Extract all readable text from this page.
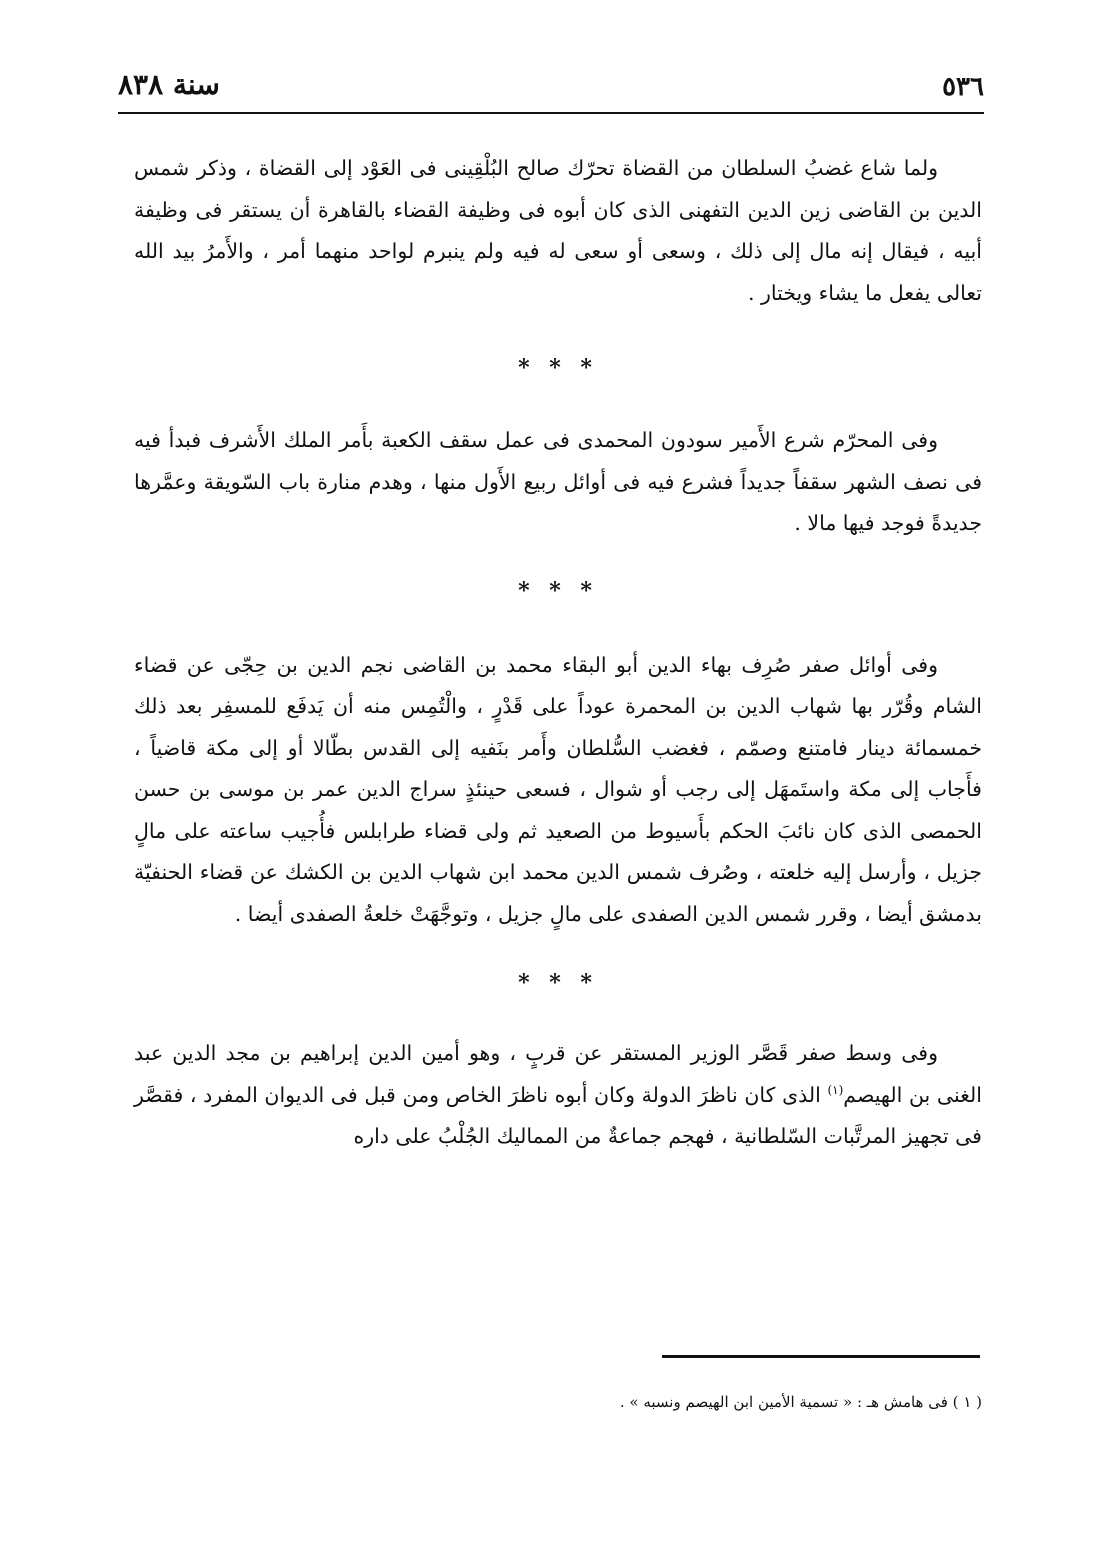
٥٣٦
سنة ٨٣٨

ولما شاع غضبُ السلطان من القضاة تحرّك صالح البُلْقِينى فى العَوْد إلى القضاة ، وذكر شمس الدين بن القاضى زين الدين التفهنى الذى كان أبوه فى وظيفة القضاء بالقاهرة أن يستقر فى وظيفة أبيه ، فيقال إنه مال إلى ذلك ، وسعى أو سعى له فيه ولم ينبرم لواحد منهما أمر ، والأَمرُ بيد الله تعالى يفعل ما يشاء ويختار .

* * *

وفى المحرّم شرع الأَمير سودون المحمدى فى عمل سقف الكعبة بأَمر الملك الأَشرف فبدأ فيه فى نصف الشهر سقفاً جديداً فشرع فيه فى أوائل ربيع الأَول منها ، وهدم منارة باب السّويقة وعمَّرها جديدةً فوجد فيها مالا .

* * *

وفى أوائل صفر صُرِف بهاء الدين أبو البقاء محمد بن القاضى نجم الدين بن حِجّى عن قضاء الشام وقُرّر بها شهاب الدين بن المحمرة عوداً على قَدْرٍ ، والْتُمِس منه أن يَدفَع للمسفِر بعد ذلك خمسمائة دينار فامتنع وصمّم ، فغضب السُّلطان وأَمر بنَفيه إلى القدس بطّالا أو إلى مكة قاضياً ، فأَجاب إلى مكة واستَمهَل إلى رجب أو شوال ، فسعى حينئذٍ سراج الدين عمر بن موسى بن حسن الحمصى الذى كان نائبَ الحكم بأَسيوط من الصعيد ثم ولى قضاء طرابلس فأُجيب ساعته على مالٍ جزيل ، وأرسل إليه خلعته ، وصُرف شمس الدين محمد ابن شهاب الدين بن الكشك عن قضاء الحنفيّة بدمشق أيضا ، وقرر شمس الدين الصفدى على مالٍ جزيل ، وتوجَّهَتْ خلعةُ الصفدى أيضا .

* * *

وفى وسط صفر قَصَّر الوزير المستقر عن قربٍ ، وهو أمين الدين إبراهيم بن مجد الدين عبد الغنى بن الهيصم$^{(١)}$ الذى كان ناظرَ الدولة وكان أبوه ناظرَ الخاص ومن قبل فى الديوان المفرد ، فقصَّر فى تجهيز المرتَّبات السّلطانية ، فهجم جماعةٌ من المماليك الجُلْبُ على داره

( ١ ) فى هامش هـ : « تسمية الأمين ابن الهيصم ونسبه » .
